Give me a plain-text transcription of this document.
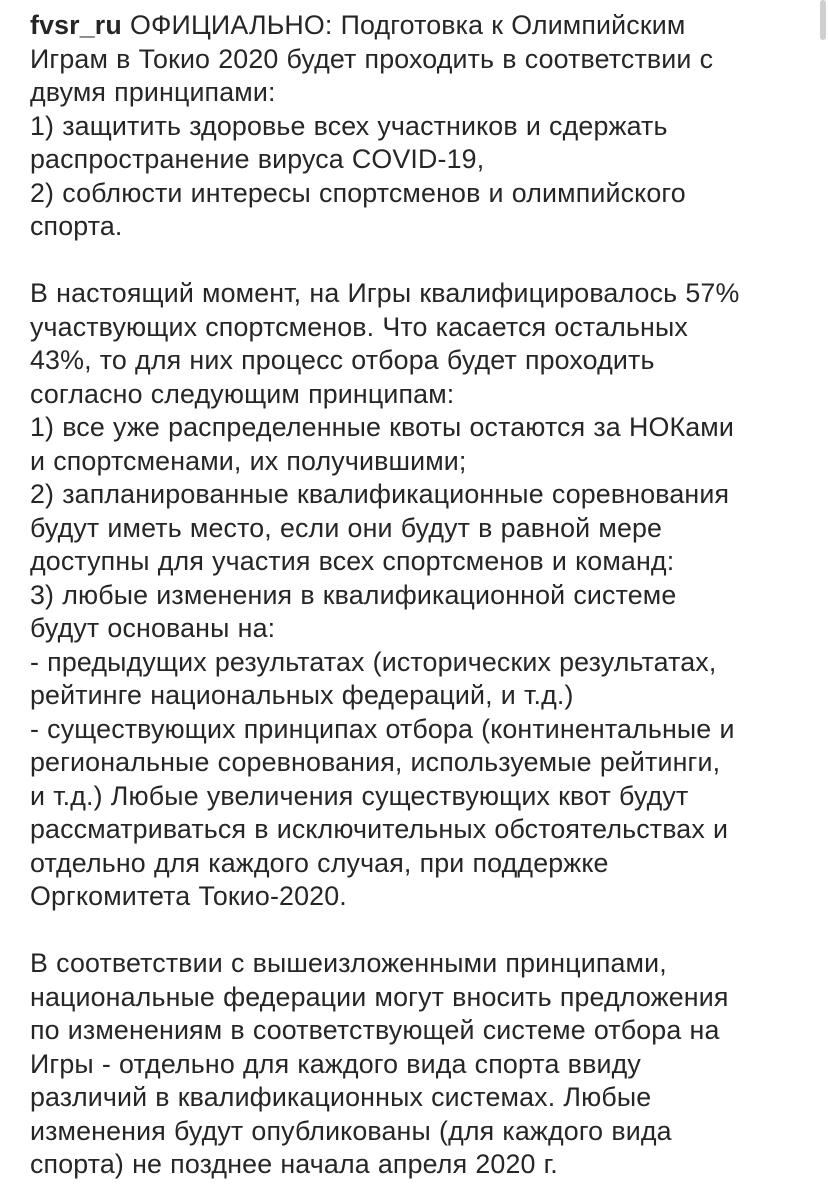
fvsr_ru ОФИЦИАЛЬНО: Подготовка к Олимпийским
Играм в Токио 2020 будет проходить в соответствии с
двумя принципами:
1) защитить здоровье всех участников и сдержать
распространение вируса COVID-19,
2) соблюсти интересы спортсменов и олимпийского
спорта.

В настоящий момент, на Игры квалифицировалось 57%
участвующих спортсменов. Что касается остальных
43%, то для них процесс отбора будет проходить
согласно следующим принципам:
1) все уже распределенные квоты остаются за НОКами
и спортсменами, их получившими;
2) запланированные квалификационные соревнования
будут иметь место, если они будут в равной мере
доступны для участия всех спортсменов и команд:
3) любые изменения в квалификационной системе
будут основаны на:
- предыдущих результатах (исторических результатах,
рейтинге национальных федераций, и т.д.)
- существующих принципах отбора (континентальные и
региональные соревнования, используемые рейтинги,
и т.д.) Любые увеличения существующих квот будут
рассматриваться в исключительных обстоятельствах и
отдельно для каждого случая, при поддержке
Оргкомитета Токио-2020.

В соответствии с вышеизложенными принципами,
национальные федерации могут вносить предложения
по изменениям в соответствующей системе отбора на
Игры - отдельно для каждого вида спорта ввиду
различий в квалификационных системах. Любые
изменения будут опубликованы (для каждого вида
спорта) не позднее начала апреля 2020 г.
